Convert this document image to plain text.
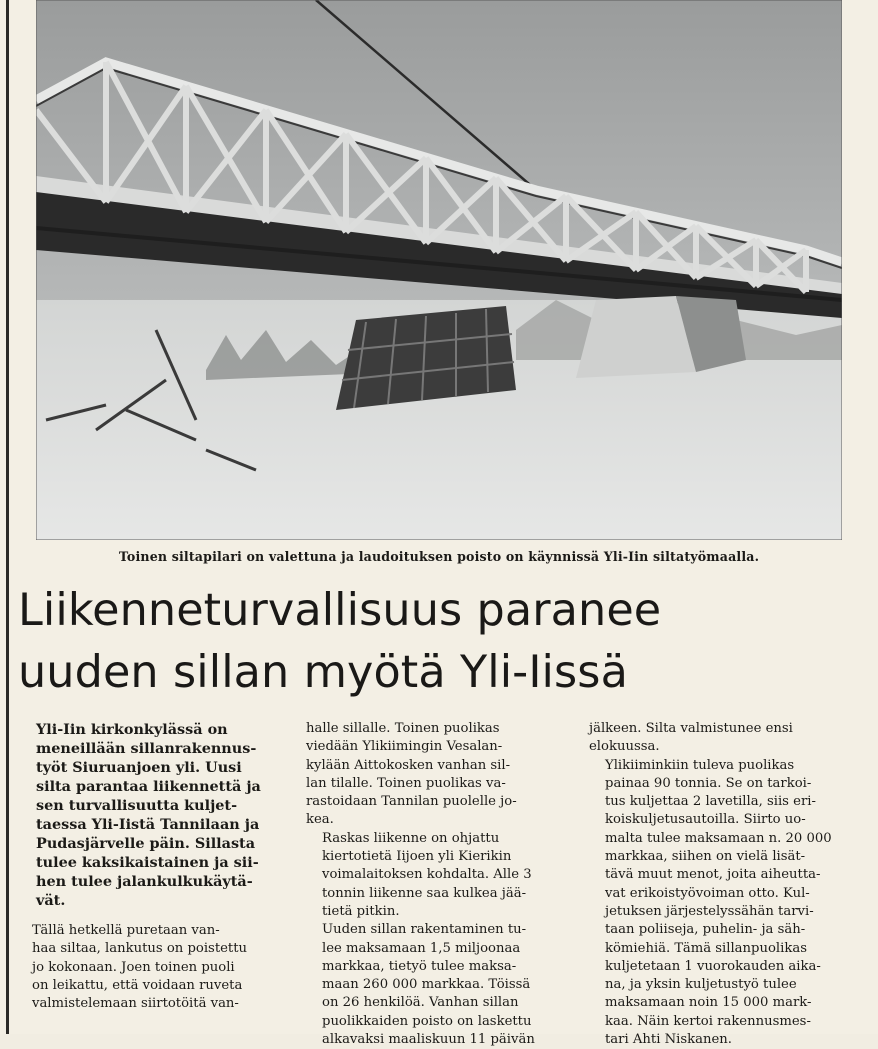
Toinen siltapilari on valettuna ja laudoituksen poisto on käynnissä Yli-Iin siltatyömaalla.
Liikenneturvallisuus paranee
uuden sillan myötä Yli-Iissä

Yli-Iin kirkonkylässä on
meneillään sillanrakennus-
työt Siuruanjoen yli. Uusi
silta parantaa liikennettä ja
sen turvallisuutta kuljet-
taessa Yli-Iistä Tannilaan ja
Pudasjärvelle päin. Sillasta
tulee kaksikaistainen ja sii-
hen tulee jalankulkukäytä-
vät.

Tällä hetkellä puretaan van-
haa siltaa, lankutus on poistettu
jo kokonaan. Joen toinen puoli
on leikattu, että voidaan ruveta
valmistelemaan siirtotöitä van-

halle sillalle. Toinen puolikas
viedään Ylikiimingin Vesalan-
kylään Aittokosken vanhan sil-
lan tilalle. Toinen puolikas va-
rastoidaan Tannilan puolelle jo-
kea.

Raskas liikenne on ohjattu
kiertotietä Iijoen yli Kierikin
voimalaitoksen kohdalta. Alle 3
tonnin liikenne saa kulkea jää-
tietä pitkin.

Uuden sillan rakentaminen tu-
lee maksamaan 1,5 miljoonaa
markkaa, tietyö tulee maksa-
maan 260 000 markkaa. Töissä
on 26 henkilöä. Vanhan sillan
puolikkaiden poisto on laskettu
alkavaksi maaliskuun 11 päivän

jälkeen. Silta valmistunee ensi
elokuussa.

Ylikiiminkiin tuleva puolikas
painaa 90 tonnia. Se on tarkoi-
tus kuljettaa 2 lavetilla, siis eri-
koiskuljetusautoilla. Siirto uo-
malta tulee maksamaan n. 20 000
markkaa, siihen on vielä lisät-
tävä muut menot, joita aiheutta-
vat erikoistyövoiman otto. Kul-
jetuksen järjestelyssähän tarvi-
taan poliiseja, puhelin- ja säh-
kömiehiä. Tämä sillanpuolikas
kuljetetaan 1 vuorokauden aika-
na, ja yksin kuljetustyö tulee
maksamaan noin 15 000 mark-
kaa. Näin kertoi rakennusmes-
tari Ahti Niskanen.
